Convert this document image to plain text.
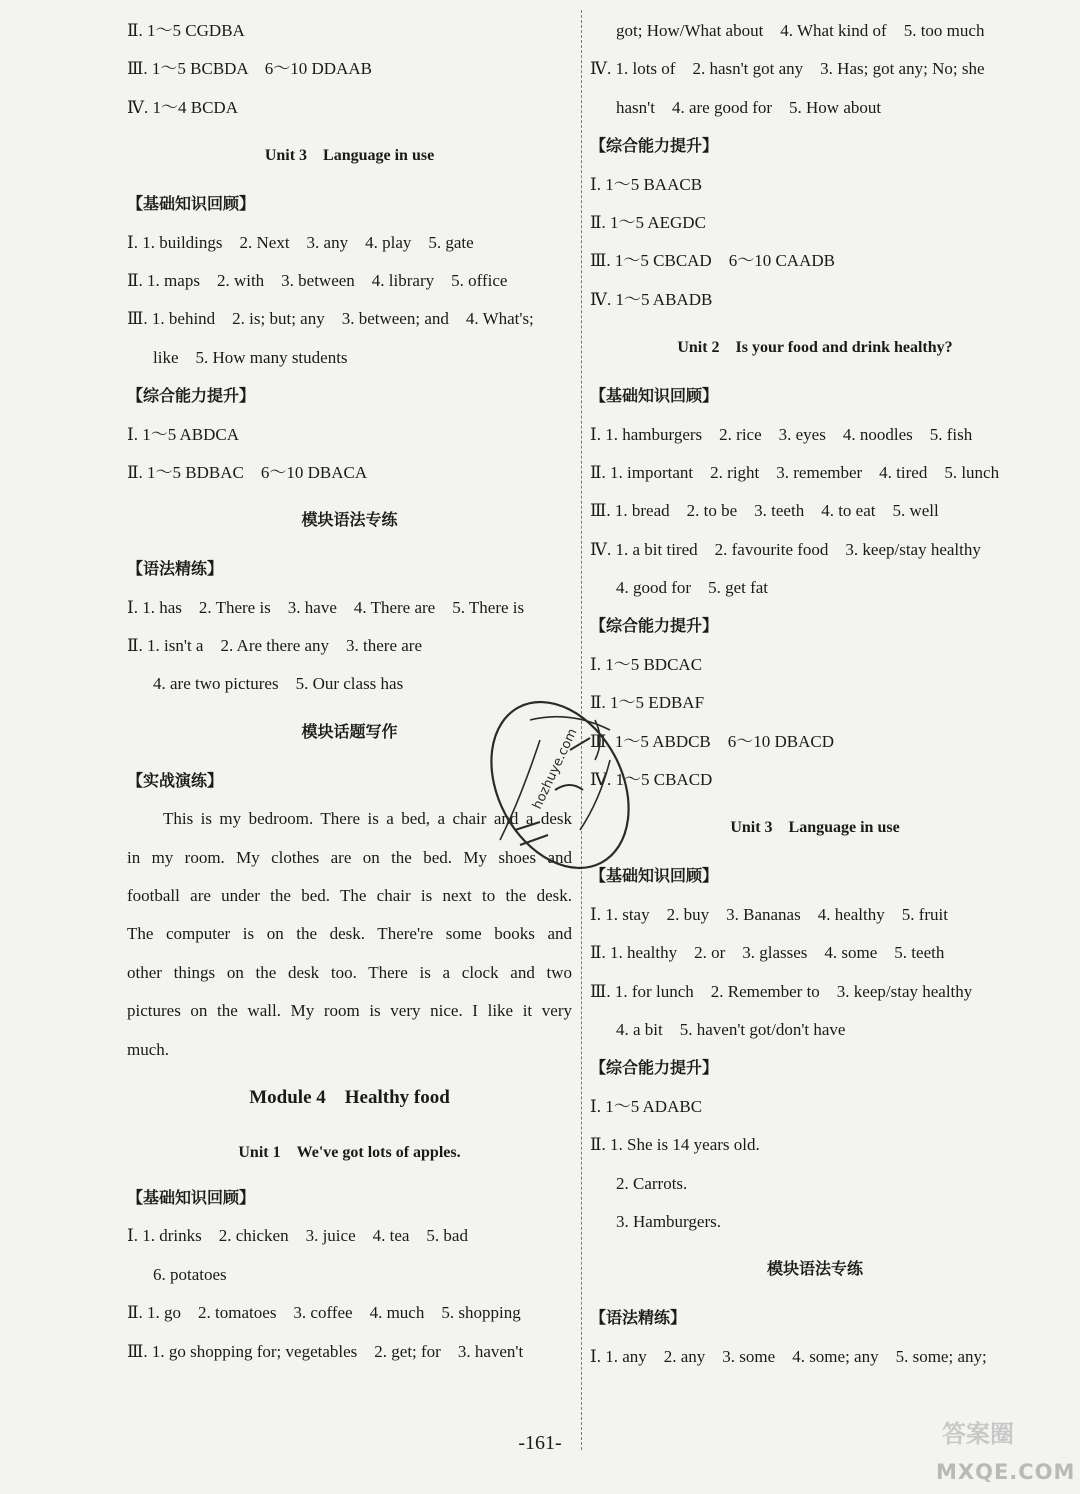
Ⅱ. 1～5 CGDBA
Ⅲ. 1～5 BCBDA　6～10 DDAAB
Ⅳ. 1～4 BCDA
Unit 3　Language in use
【基础知识回顾】
Ⅰ. 1. buildings　2. Next　3. any　4. play　5. gate
Ⅱ. 1. maps　2. with　3. between　4. library　5. office
Ⅲ. 1. behind　2. is; but; any　3. between; and　4. What's;
like　5. How many students
【综合能力提升】
Ⅰ. 1～5 ABDCA
Ⅱ. 1～5 BDBAC　6～10 DBACA
模块语法专练
【语法精练】
Ⅰ. 1. has　2. There is　3. have　4. There are　5. There is
Ⅱ. 1. isn't a　2. Are there any　3. there are
4. are two pictures　5. Our class has
模块话题写作
【实战演练】
This is my bedroom. There is a bed, a chair and a desk
in my room. My clothes are on the bed. My shoes and
football are under the bed. The chair is next to the desk.
The computer is on the desk. There're some books and
other things on the desk too. There is a clock and two
pictures on the wall. My room is very nice. I like it very
much.
Module 4　Healthy food
Unit 1　We've got lots of apples.
【基础知识回顾】
Ⅰ. 1. drinks　2. chicken　3. juice　4. tea　5. bad
6. potatoes
Ⅱ. 1. go　2. tomatoes　3. coffee　4. much　5. shopping
Ⅲ. 1. go shopping for; vegetables　2. get; for　3. haven't
got; How/What about　4. What kind of　5. too much
Ⅳ. 1. lots of　2. hasn't got any　3. Has; got any; No; she
hasn't　4. are good for　5. How about
【综合能力提升】
Ⅰ. 1～5 BAACB
Ⅱ. 1～5 AEGDC
Ⅲ. 1～5 CBCAD　6～10 CAADB
Ⅳ. 1～5 ABADB
Unit 2　Is your food and drink healthy?
【基础知识回顾】
Ⅰ. 1. hamburgers　2. rice　3. eyes　4. noodles　5. fish
Ⅱ. 1. important　2. right　3. remember　4. tired　5. lunch
Ⅲ. 1. bread　2. to be　3. teeth　4. to eat　5. well
Ⅳ. 1. a bit tired　2. favourite food　3. keep/stay healthy
4. good for　5. get fat
【综合能力提升】
Ⅰ. 1～5 BDCAC
Ⅱ. 1～5 EDBAF
Ⅲ. 1～5 ABDCB　6～10 DBACD
Ⅳ. 1～5 CBACD
Unit 3　Language in use
【基础知识回顾】
Ⅰ. 1. stay　2. buy　3. Bananas　4. healthy　5. fruit
Ⅱ. 1. healthy　2. or　3. glasses　4. some　5. teeth
Ⅲ. 1. for lunch　2. Remember to　3. keep/stay healthy
4. a bit　5. haven't got/don't have
【综合能力提升】
Ⅰ. 1～5 ADABC
Ⅱ. 1. She is 14 years old.
2. Carrots.
3. Hamburgers.
模块语法专练
【语法精练】
Ⅰ. 1. any　2. any　3. some　4. some; any　5. some; any;
hozhuye.com
答案圈
MXQE.COM
-161-
